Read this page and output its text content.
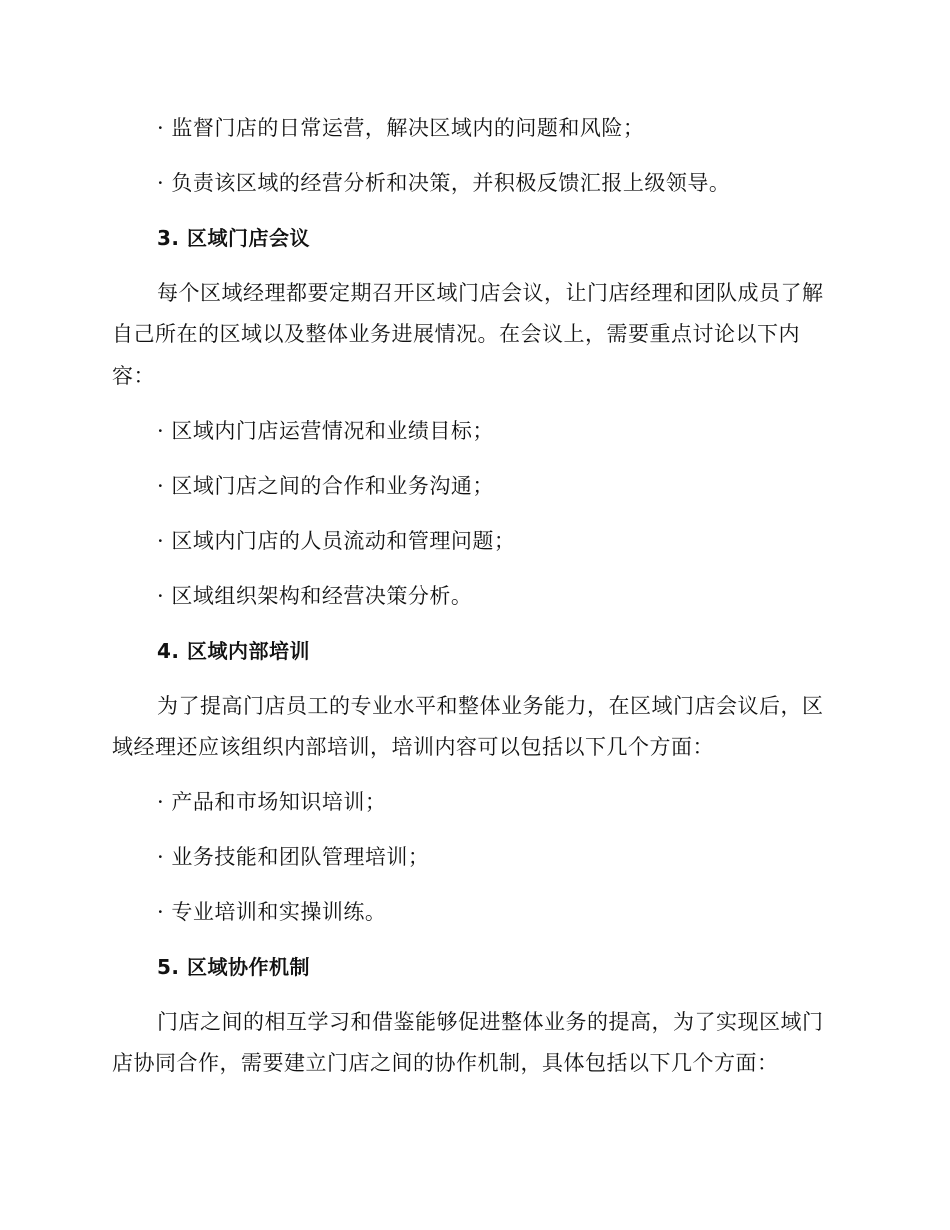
· 监督门店的日常运营，解决区域内的问题和风险；
· 负责该区域的经营分析和决策，并积极反馈汇报上级领导。
3. 区域门店会议
每个区域经理都要定期召开区域门店会议，让门店经理和团队成员了解
自己所在的区域以及整体业务进展情况。在会议上，需要重点讨论以下内
容：
· 区域内门店运营情况和业绩目标；
· 区域门店之间的合作和业务沟通；
· 区域内门店的人员流动和管理问题；
· 区域组织架构和经营决策分析。
4. 区域内部培训
为了提高门店员工的专业水平和整体业务能力，在区域门店会议后，区
域经理还应该组织内部培训，培训内容可以包括以下几个方面：
· 产品和市场知识培训；
· 业务技能和团队管理培训；
· 专业培训和实操训练。
5. 区域协作机制
门店之间的相互学习和借鉴能够促进整体业务的提高，为了实现区域门
店协同合作，需要建立门店之间的协作机制，具体包括以下几个方面：
